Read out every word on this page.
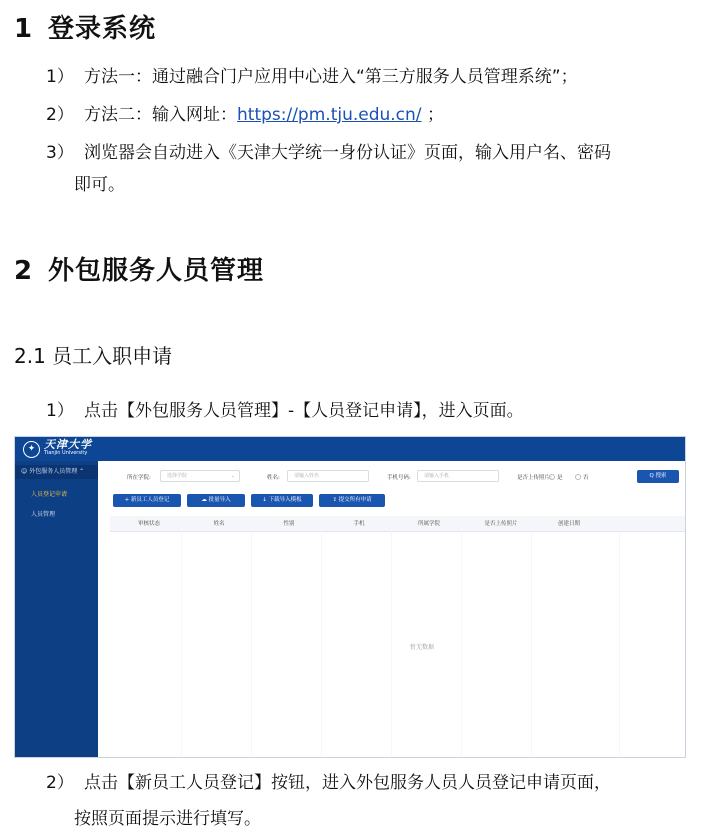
1 登录系统
1） 方法一：通过融合门户应用中心进入“第三方服务人员管理系统”；
2） 方法二：输入网址：https://pm.tju.edu.cn/ ；
3） 浏览器会自动进入《天津大学统一身份认证》页面，输入用户名、密码
即可。
2 外包服务人员管理
2.1 员工入职申请
1） 点击【外包服务人员管理】-【人员登记申请】，进入页面。
✦ 天津大学
Tianjin University
☺ 外包服务人员管理 ⌃
人员登记申请
人员管理
所在学院:	选择学院	⌄	姓名:	请输入姓名	手机号码:	请输入手机	是否上传照片: 是	否	Q 搜索
+ 新员工人员登记	☁ 批量导入	↓ 下载导入模板	⇪ 提交所有申请
审核状态	姓名	性别	手机	所属学院	是否上传照片	创建日期
暂无数据
2） 点击【新员工人员登记】按钮，进入外包服务人员人员登记申请页面，
按照页面提示进行填写。
